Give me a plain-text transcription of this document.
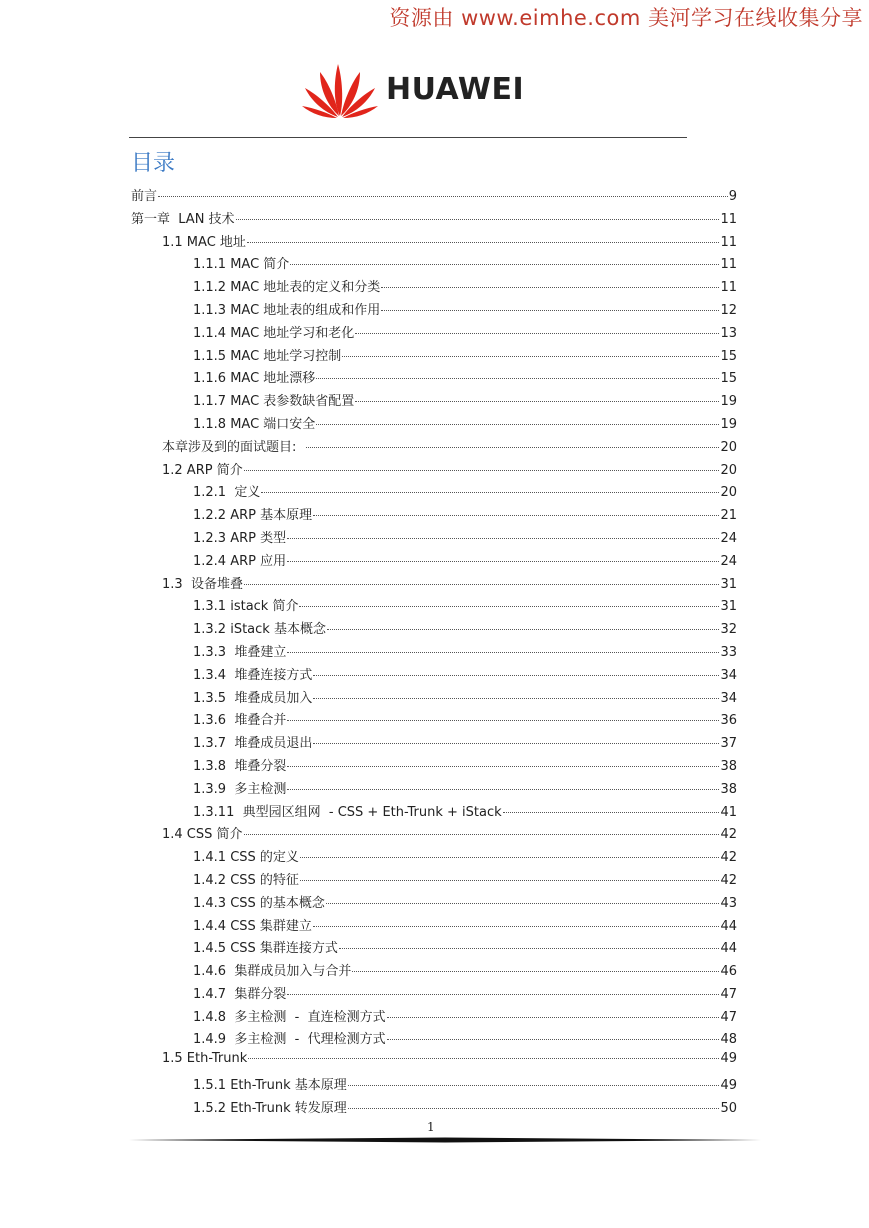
资源由 www.eimhe.com 美河学习在线收集分享
HUAWEI
目录
前言	9
第一章  LAN 技术	11
1.1 MAC 地址	11
1.1.1 MAC 简介	11
1.1.2 MAC 地址表的定义和分类	11
1.1.3 MAC 地址表的组成和作用	12
1.1.4 MAC 地址学习和老化	13
1.1.5 MAC 地址学习控制	15
1.1.6 MAC 地址漂移	15
1.1.7 MAC 表参数缺省配置	19
1.1.8 MAC 端口安全	19
本章涉及到的面试题目:	20
1.2 ARP 简介	20
1.2.1  定义	20
1.2.2 ARP 基本原理	21
1.2.3 ARP 类型	24
1.2.4 ARP 应用	24
1.3  设备堆叠	31
1.3.1 istack 简介	31
1.3.2 iStack 基本概念	32
1.3.3  堆叠建立	33
1.3.4  堆叠连接方式	34
1.3.5  堆叠成员加入	34
1.3.6  堆叠合并	36
1.3.7  堆叠成员退出	37
1.3.8  堆叠分裂	38
1.3.9  多主检测	38
1.3.11  典型园区组网  - CSS + Eth-Trunk + iStack	41
1.4 CSS 简介	42
1.4.1 CSS 的定义	42
1.4.2 CSS 的特征	42
1.4.3 CSS 的基本概念	43
1.4.4 CSS 集群建立	44
1.4.5 CSS 集群连接方式	44
1.4.6  集群成员加入与合并	46
1.4.7  集群分裂	47
1.4.8  多主检测  -  直连检测方式	47
1.4.9  多主检测  -  代理检测方式	48
1.5 Eth-Trunk	49
1.5.1 Eth-Trunk 基本原理	49
1.5.2 Eth-Trunk 转发原理	50
1
